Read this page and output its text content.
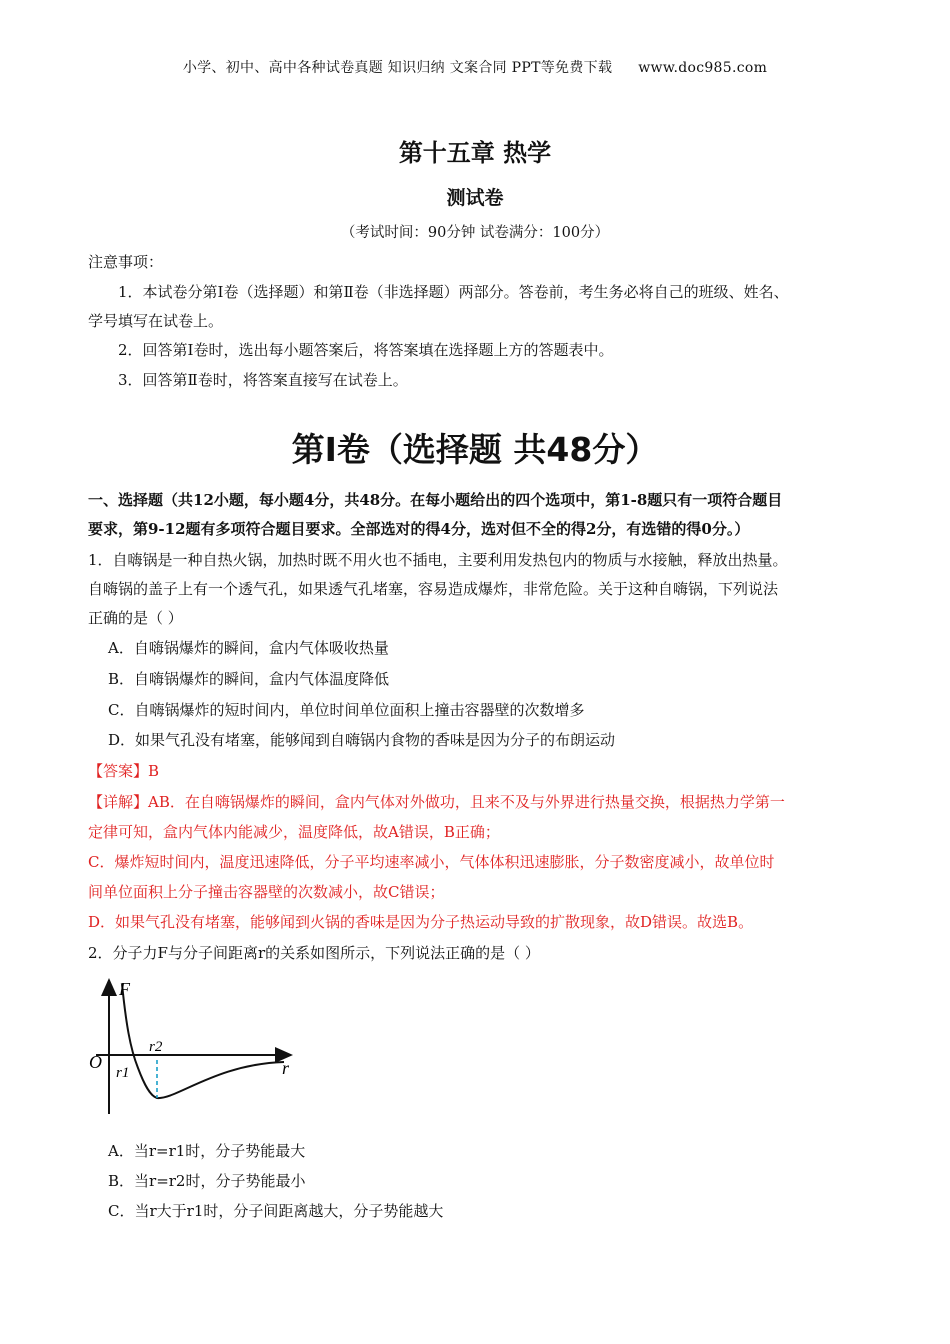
小学、初中、高中各种试卷真题 知识归纳 文案合同 PPT等免费下载 www.doc985.com
第十五章 热学
测试卷
（考试时间：90分钟 试卷满分：100分）
注意事项：
1．本试卷分第Ⅰ卷（选择题）和第Ⅱ卷（非选择题）两部分。答卷前，考生务必将自己的班级、姓名、
学号填写在试卷上。
2．回答第Ⅰ卷时，选出每小题答案后，将答案填在选择题上方的答题表中。
3．回答第Ⅱ卷时，将答案直接写在试卷上。
第Ⅰ卷（选择题 共48分）
一、选择题（共12小题，每小题4分，共48分。在每小题给出的四个选项中，第1-8题只有一项符合题目
要求，第9-12题有多项符合题目要求。全部选对的得4分，选对但不全的得2分，有选错的得0分。）
1．自嗨锅是一种自热火锅，加热时既不用火也不插电，主要利用发热包内的物质与水接触，释放出热量。
自嗨锅的盖子上有一个透气孔，如果透气孔堵塞，容易造成爆炸，非常危险。关于这种自嗨锅，下列说法
正确的是（ ）
A．自嗨锅爆炸的瞬间，盒内气体吸收热量
B．自嗨锅爆炸的瞬间，盒内气体温度降低
C．自嗨锅爆炸的短时间内，单位时间单位面积上撞击容器壁的次数增多
D．如果气孔没有堵塞，能够闻到自嗨锅内食物的香味是因为分子的布朗运动
【答案】B
【详解】AB．在自嗨锅爆炸的瞬间，盒内气体对外做功，且来不及与外界进行热量交换，根据热力学第一
定律可知，盒内气体内能减少，温度降低，故A错误，B正确；
C．爆炸短时间内，温度迅速降低，分子平均速率减小，气体体积迅速膨胀，分子数密度减小，故单位时
间单位面积上分子撞击容器壁的次数减小，故C错误；
D．如果气孔没有堵塞，能够闻到火锅的香味是因为分子热运动导致的扩散现象，故D错误。故选B。
2．分子力F与分子间距离r的关系如图所示，下列说法正确的是（ ）
F
r
O
r1
r2
A．当r=r1时，分子势能最大
B．当r=r2时，分子势能最小
C．当r大于r1时，分子间距离越大，分子势能越大
